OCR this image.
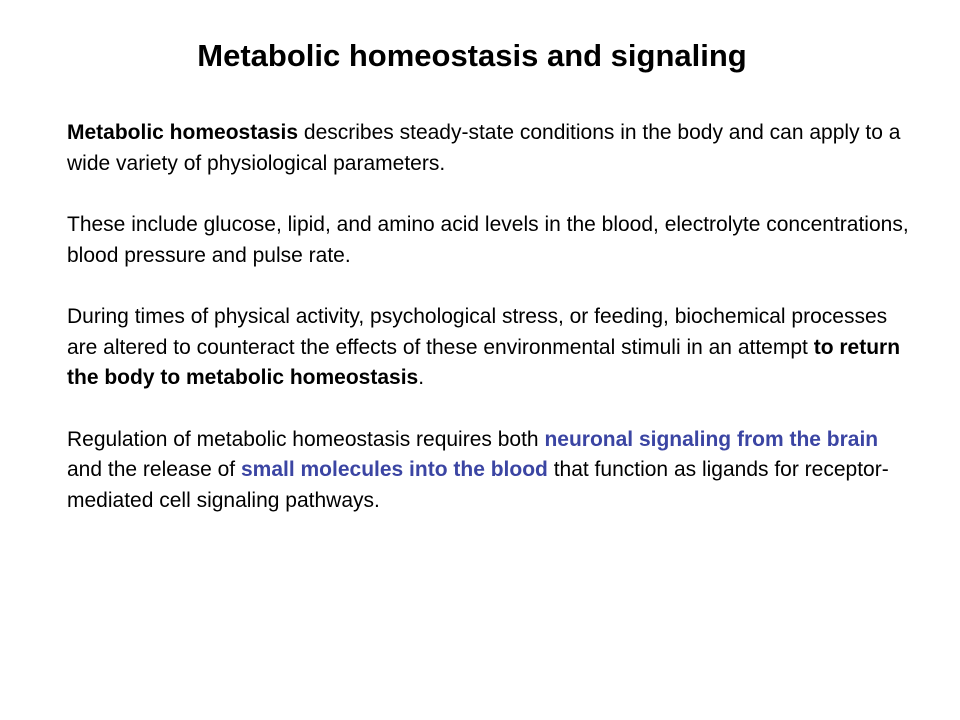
Metabolic homeostasis and signaling

Metabolic homeostasis describes steady-state conditions in the body and can apply to a wide variety of physiological parameters.

These include glucose, lipid, and amino acid levels in the blood, electrolyte concentrations, blood pressure and pulse rate.

During times of physical activity, psychological stress, or feeding, biochemical processes are altered to counteract the effects of these environmental stimuli in an attempt to return the body to metabolic homeostasis.

Regulation of metabolic homeostasis requires both neuronal signaling from the brain and the release of small molecules into the blood that function as ligands for receptor-mediated cell signaling pathways.
